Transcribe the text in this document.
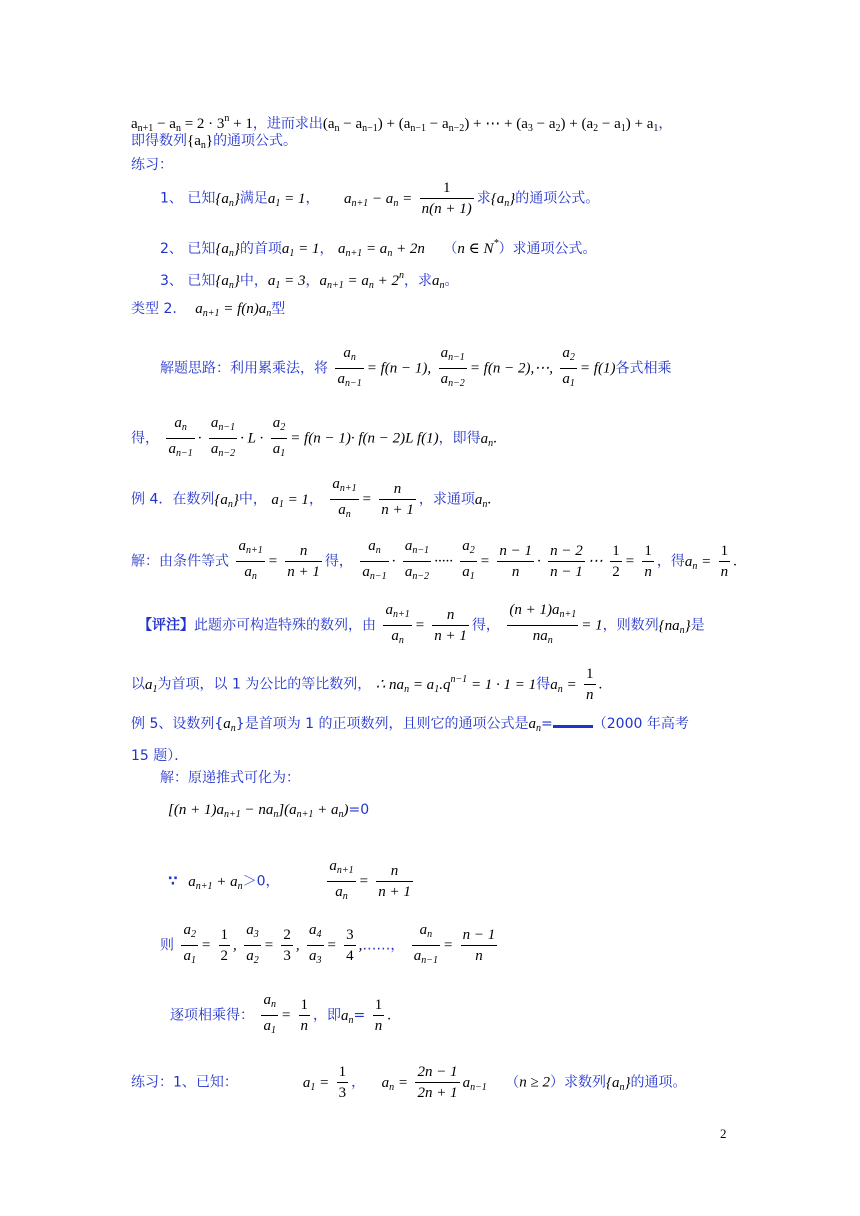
$a_{n+1} - a_n = 2 \cdot 3^n + 1$，进而求出$(a_n - a_{n-1}) + (a_{n-1} - a_{n-2})$ + ⋯ + $(a_3 - a_2) + (a_2 - a_1) + a_1$，
即得数列$\{a_n\}$的通项公式。
练习：
1、 已知$\{a_n\}$满足$a_1 = 1$， $a_{n+1} - a_n = \frac{1}{n(n + 1)}$ 求$\{a_n\}$的通项公式。
2、 已知$\{a_n\}$的首项$a_1 = 1$， $a_{n+1} = a_n + 2n$ （n ∈ N*）求通项公式。
3、 已知$\{a_n\}$中，$a_1 = 3$，$a_{n+1} = a_n + 2^n$，求$a_n$。
类型 2. $a_{n+1} = f(n)a_n$型
解题思路：利用累乘法，将 $\frac{a_n}{a_{n-1}} = f(n - 1)$, $\frac{a_{n-1}}{a_{n-2}} = f(n$ − 2),⋯, $\frac{a_2}{a_1} = f(1)$各式相乘
得， $\frac{a_n}{a_{n-1}} \cdot \frac{a_{n-1}}{a_{n-2}} \cdot L \cdot \frac{a_2}{a_1} = f(n - 1)\cdot f(n - 2)L$ f(1)，即得$a_n$.
例 4．在数列$\{a_n\}$中， $a_1 = 1$， $\frac{a_{n+1}}{a_n} = \frac{n}{n + 1}$ ，求通项$a_n$.
解：由条件等式 $\frac{a_{n+1}}{a_n} = \frac{n}{n + 1}$ 得， $\frac{a_n}{a_{n-1}} \cdot \frac{a_{n-1}}{a_{n-2}}$ ····· $\frac{a_2}{a_1} = \frac{n - 1}{n} \cdot \frac{n - 2}{n - 1}$ ⋯ $\frac{1}{2} = \frac{1}{n}$ ，得$a_n = \frac{1}{n}$ .
【评注】此题亦可构造特殊的数列，由 $\frac{a_{n+1}}{a_n} = \frac{n}{n + 1}$ 得， $\frac{(n + 1)a_{n+1}}{na_n} = 1$，则数列$\{na_n\}$是
以$a_1$为首项，以 1 为公比的等比数列， ∴ $na_n = a_1.q^{n-1} = 1 \cdot 1 = 1$得$a_n = \frac{1}{n}$ .
例 5、设数列$\{a_n\}$是首项为 1 的正项数列，且则它的通项公式是$a_n=$	（2000 年高考
15 题）．
解：原递推式可化为：
$[(n + 1)a_{n+1} - na_n](a_{n+1} + a_n)=0$
∵ $a_{n+1} + a_n>0$，	$\frac{a_{n+1}}{a_n} = \frac{n}{n + 1}$
则 $\frac{a_2}{a_1} = \frac{1}{2}$ , $\frac{a_3}{a_2} = \frac{2}{3}$ , $\frac{a_4}{a_3} = \frac{3}{4}$ ,……， $\frac{a_n}{a_{n-1}} = \frac{n - 1}{n}$
逐项相乘得： $\frac{a_n}{a_1} = \frac{1}{n}$ ，即$a_n= \frac{1}{n}$ .
练习：1、已知：	$a_1 = \frac{1}{3}$ ， $a_n = \frac{2n - 1}{2n + 1} a_{n-1}$ （n ≥ 2）求数列$\{a_n\}$的通项。
2
